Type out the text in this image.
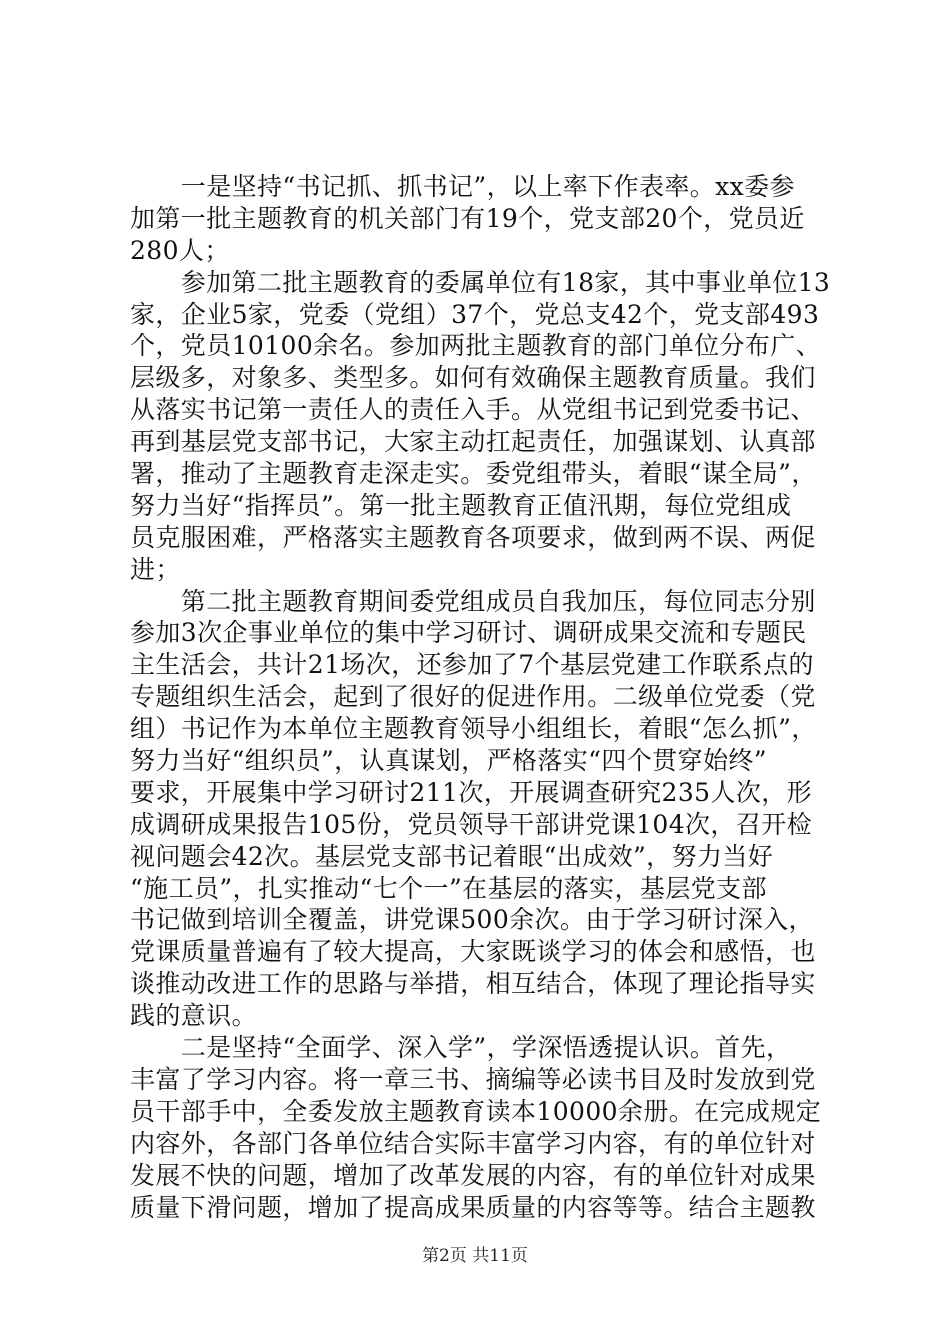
　　一是坚持“书记抓、抓书记”，以上率下作表率。xx委参
加第一批主题教育的机关部门有19个，党支部20个，党员近
280人；
　　参加第二批主题教育的委属单位有18家，其中事业单位13
家，企业5家，党委（党组）37个，党总支42个，党支部493
个，党员10100余名。参加两批主题教育的部门单位分布广、
层级多，对象多、类型多。如何有效确保主题教育质量。我们
从落实书记第一责任人的责任入手。从党组书记到党委书记、
再到基层党支部书记，大家主动扛起责任，加强谋划、认真部
署，推动了主题教育走深走实。委党组带头，着眼“谋全局”，
努力当好“指挥员”。第一批主题教育正值汛期，每位党组成
员克服困难，严格落实主题教育各项要求，做到两不误、两促
进；
　　第二批主题教育期间委党组成员自我加压，每位同志分别
参加3次企事业单位的集中学习研讨、调研成果交流和专题民
主生活会，共计21场次，还参加了7个基层党建工作联系点的
专题组织生活会，起到了很好的促进作用。二级单位党委（党
组）书记作为本单位主题教育领导小组组长，着眼“怎么抓”，
努力当好“组织员”，认真谋划，严格落实“四个贯穿始终”
要求，开展集中学习研讨211次，开展调查研究235人次，形
成调研成果报告105份，党员领导干部讲党课104次，召开检
视问题会42次。基层党支部书记着眼“出成效”，努力当好
“施工员”，扎实推动“七个一”在基层的落实，基层党支部
书记做到培训全覆盖，讲党课500余次。由于学习研讨深入，
党课质量普遍有了较大提高，大家既谈学习的体会和感悟，也
谈推动改进工作的思路与举措，相互结合，体现了理论指导实
践的意识。
　　二是坚持“全面学、深入学”，学深悟透提认识。首先，
丰富了学习内容。将一章三书、摘编等必读书目及时发放到党
员干部手中，全委发放主题教育读本10000余册。在完成规定
内容外，各部门各单位结合实际丰富学习内容，有的单位针对
发展不快的问题，增加了改革发展的内容，有的单位针对成果
质量下滑问题，增加了提高成果质量的内容等等。结合主题教
第2页 共11页
